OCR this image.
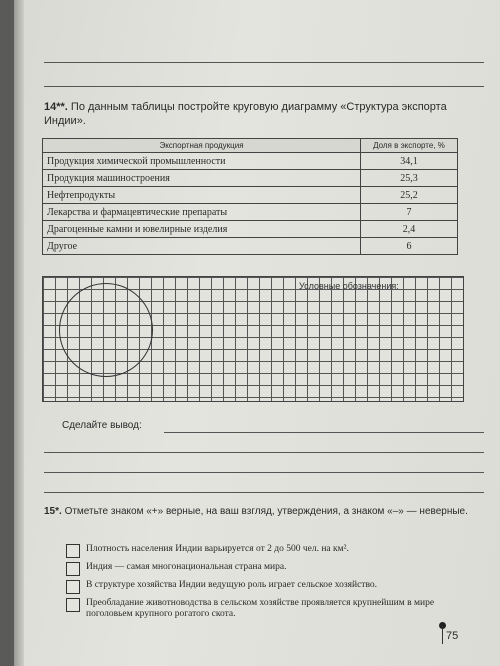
14**. По данным таблицы постройте круговую диаграмму «Структура экспорта Индии».
Экспортная продукция	Доля в экспорте, %
Продукция химической промышленности	34,1
Продукция машиностроения	25,3
Нефтепродукты	25,2
Лекарства и фармацевтические препараты	7
Драгоценные камни и ювелирные изделия	2,4
Другое	6
Условные обозначения:
Сделайте вывод:
15*. Отметьте знаком «+» верные, на ваш взгляд, утверждения, а знаком «–» — неверные.
Плотность населения Индии варьируется от 2 до 500 чел. на км².
Индия — самая многонациональная страна мира.
В структуре хозяйства Индии ведущую роль играет сельское хозяйство.
Преобладание животноводства в сельском хозяйстве проявляется крупнейшим в мире поголовьем крупного рогатого скота.
75
